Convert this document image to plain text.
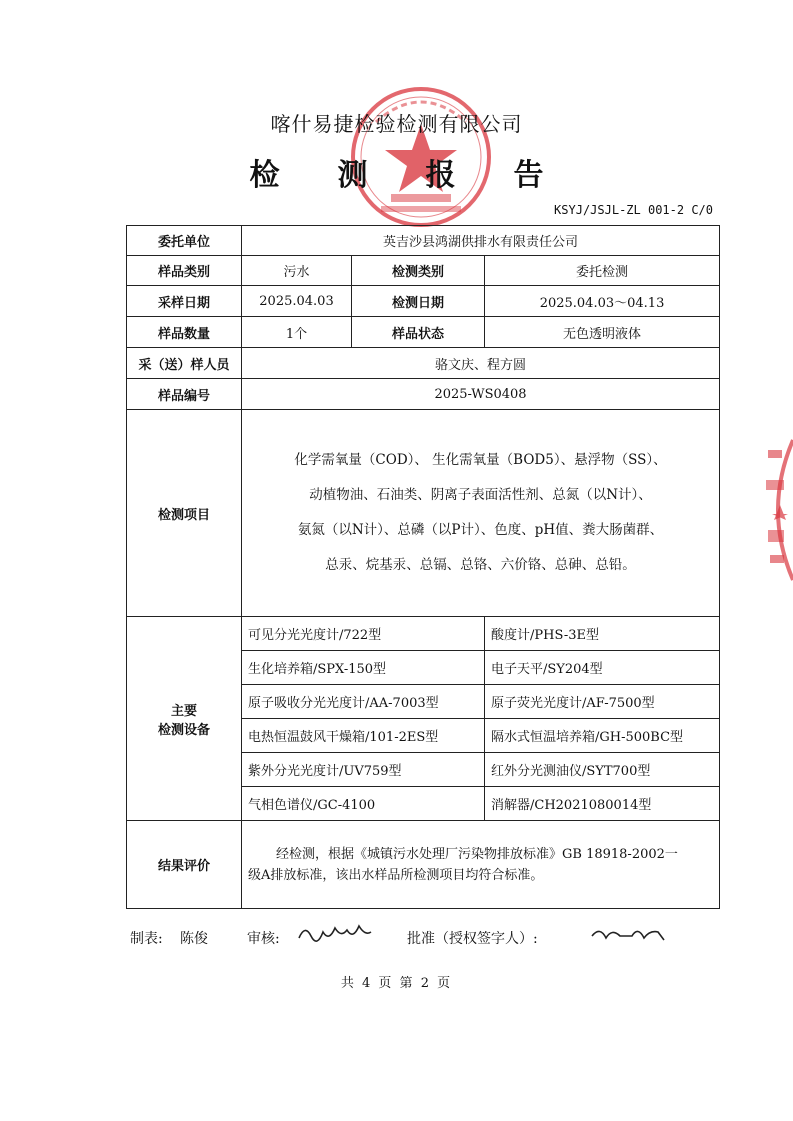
喀什易捷检验检测有限公司
检测报告
KSYJ/JSJL-ZL 001-2 C/0
委托单位	英吉沙县鸿湖供排水有限责任公司		
样品类别	污水	检测类别	委托检测
采样日期	2025.04.03	检测日期	2025.04.03～04.13
样品数量	1个	样品状态	无色透明液体
采（送）样人员	骆文庆、程方圆		
样品编号	2025-WS0408		
检测项目	化学需氧量（COD）、 生化需氧量（BOD5）、悬浮物（SS）、
动植物油、石油类、阴离子表面活性剂、总氮（以N计）、
氨氮（以N计）、总磷（以P计）、色度、pH值、粪大肠菌群、
总汞、烷基汞、总镉、总铬、六价铬、总砷、总铅。		

主要
检测设备	可见分光光度计/722型		酸度计/PHS-3E型
	生化培养箱/SPX-150型		电子天平/SY204型
	原子吸收分光光度计/AA-7003型		原子荧光光度计/AF-7500型
	电热恒温鼓风干燥箱/101-2ES型		隔水式恒温培养箱/GH-500BC型
	紫外分光光度计/UV759型		红外分光测油仪/SYT700型
	气相色谱仪/GC-4100		消解器/CH2021080014型
结果评价	经检测，根据《城镇污水处理厂污染物排放标准》GB 18918-2002一
级A排放标准，该出水样品所检测项目均符合标准。		
制表: 陈俊	审核:	批准（授权签字人）:
共 4 页 第 2 页
